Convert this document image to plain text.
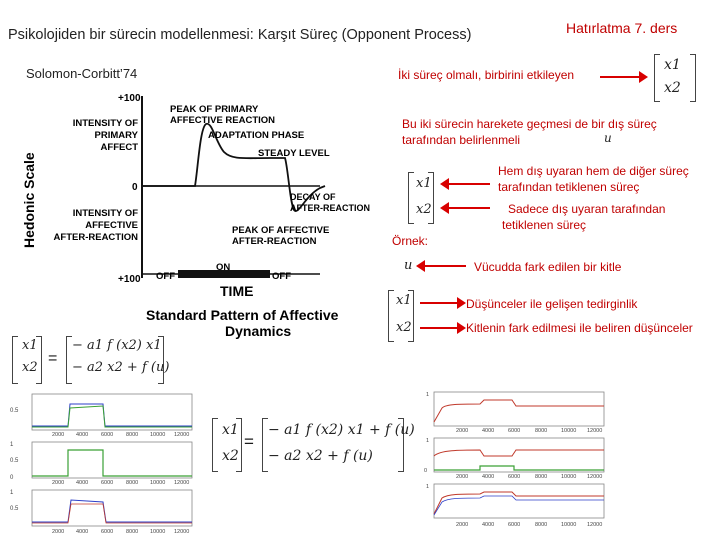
Psikolojiden bir sürecin modellenmesi: Karşıt Süreç (Opponent Process)	Hatırlatma 7. ders
Solomon-Corbitt’74
Hedonic Scale
+100
0
+100
INTENSITY OF
PRIMARY
AFFECT
INTENSITY OF
AFFECTIVE
AFTER-REACTION
PEAK OF PRIMARY
AFFECTIVE REACTION
ADAPTATION PHASE
STEADY LEVEL
DECAY OF
AFTER-REACTION
PEAK OF AFFECTIVE
AFTER-REACTION
OFF
ON
OFF
TIME
Standard Pattern of Affective
Dynamics
İki süreç olmalı, birbirini etkileyen
x1
x2
Bu iki sürecin harekete geçmesi de bir dış süreç
tarafından belirlenmeli	u
x1
x2
Hem dış uyaran hem de diğer süreç
tarafından tetiklenen süreç
Sadece dış uyaran tarafından
tetiklenen süreç
Örnek:
u	Vücudda fark edilen bir kitle
x1
x2
Düşünceler ile gelişen tedirginlik
Kitlenin fark edilmesi ile beliren düşünceler
x1
x2
=
− a1 f (x2) x1
− a2 x2 + f (u)
x1
x2
=
− a1 f (x2) x1 + f (u)
− a2 x2 + f (u)
0.5
2000 4000 6000 8000 10000 12000
1
0.5
0
2000 4000 6000 8000 10000 12000
1
0.5
2000 4000 6000 8000 10000 12000
1
2000	4000	6000	8000	10000 12000
1
0
2000	4000	6000	8000	10000 12000
1
2000	4000	6000	8000	10000 12000
